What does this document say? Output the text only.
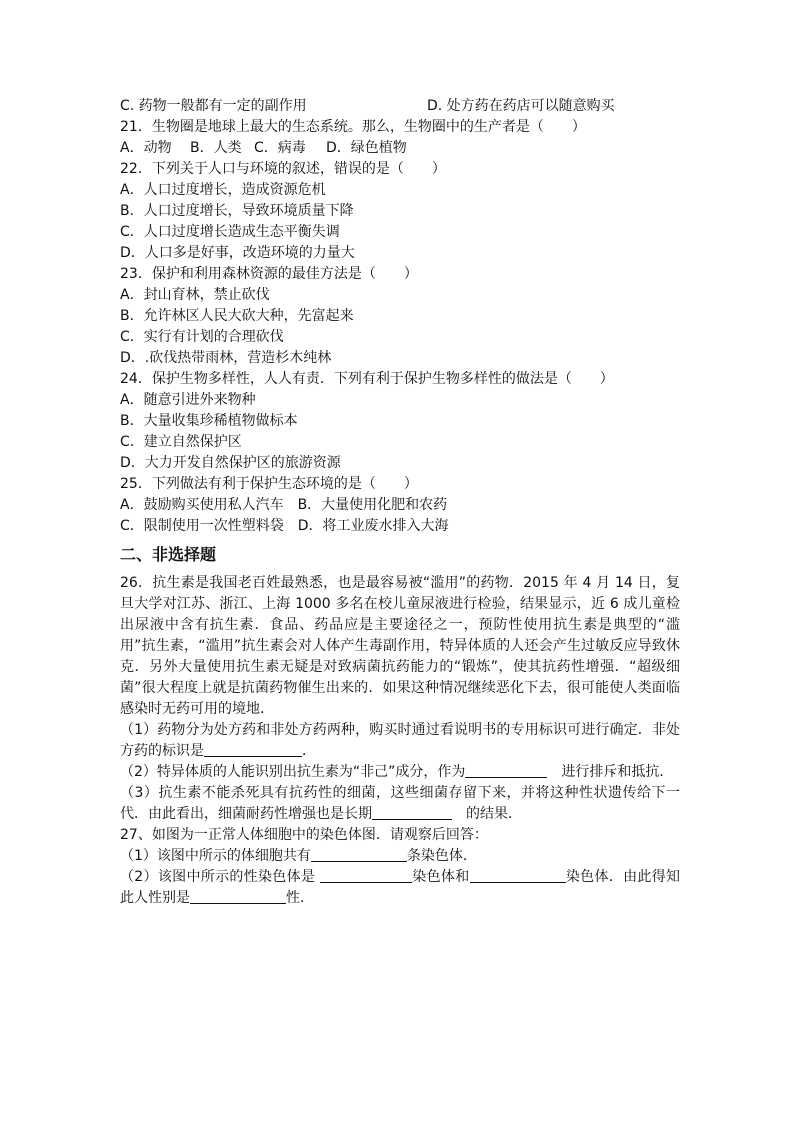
C. 药物一般都有一定的副作用	D. 处方药在药店可以随意购买
21．生物圈是地球上最大的生态系统。那么，生物圈中的生产者是（　　）
A．动物	B．人类 C．病毒	D．绿色植物
22．下列关于人口与环境的叙述，错误的是（　　）
A．人口过度增长，造成资源危机
B．人口过度增长，导致环境质量下降
C．人口过度增长造成生态平衡失调
D．人口多是好事，改造环境的力量大
23．保护和利用森林资源的最佳方法是（　　）
A．封山育林，禁止砍伐
B．允许林区人民大砍大种，先富起来
C．实行有计划的合理砍伐
D．.砍伐热带雨林，营造杉木纯林
24．保护生物多样性，人人有责．下列有利于保护生物多样性的做法是（　　）
A．随意引进外来物种
B．大量收集珍稀植物做标本
C．建立自然保护区
D．大力开发自然保护区的旅游资源
25．下列做法有利于保护生态环境的是（　　）
A．鼓励购买使用私人汽车　B．大量使用化肥和农药
C．限制使用一次性塑料袋　D．将工业废水排入大海
二、非选择题
26．抗生素是我国老百姓最熟悉，也是最容易被“滥用”的药物．2015 年 4 月 14 日，复旦大学对江苏、浙江、上海 1000 多名在校儿童尿液进行检验，结果显示，近 6 成儿童检出尿液中含有抗生素．食品、药品应是主要途径之一，预防性使用抗生素是典型的“滥用”抗生素，“滥用”抗生素会对人体产生毒副作用，特异体质的人还会产生过敏反应导致休克．另外大量使用抗生素无疑是对致病菌抗药能力的“锻炼”，使其抗药性增强．“超级细菌”很大程度上就是抗菌药物催生出来的．如果这种情况继续恶化下去，很可能使人类面临感染时无药可用的境地．
（1）药物分为处方药和非处方药两种，购买时通过看说明书的专用标识可进行确定．非处方药的标识是	．
（2）特异体质的人能识别出抗生素为“非己”成分，作为	　进行排斥和抵抗．
（3）抗生素不能杀死具有抗药性的细菌，这些细菌存留下来，并将这种性状遗传给下一代．由此看出，细菌耐药性增强也是长期	　的结果．
27、如图为一正常人体细胞中的染色体图．请观察后回答：
（1）该图中所示的体细胞共有	条染色体．
（2）该图中所示的性染色体是	染色体和	染色体．由此得知此人性别是	性．
